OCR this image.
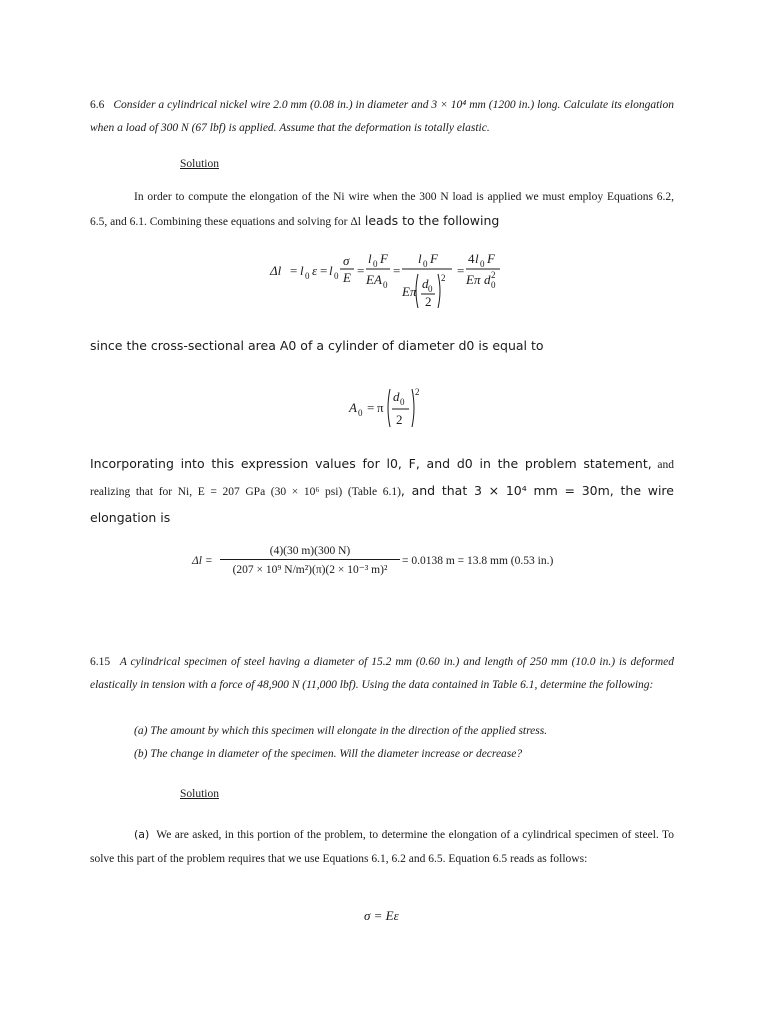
6.6 Consider a cylindrical nickel wire 2.0 mm (0.08 in.) in diameter and 3 × 10⁴ mm (1200 in.) long. Calculate its elongation when a load of 300 N (67 lbf) is applied. Assume that the deformation is totally elastic.
Solution
In order to compute the elongation of the Ni wire when the 300 N load is applied we must employ Equations 6.2, 6.5, and 6.1. Combining these equations and solving for Δl leads to the following
Δl = l 0 ε = l 0
σ
E =
l 0 F
E A 0
=
l 0 F
Eπ
d 0
2
2 =
4 l 0 F
Eπ d 0
2
since the cross-sectional area A0 of a cylinder of diameter d0 is equal to
A 0 = π
d 0
2
2
Incorporating into this expression values for l0, F, and d0 in the problem statement, and realizing that for Ni, E = 207 GPa (30 × 10⁶ psi) (Table 6.1), and that 3 × 10⁴ mm = 30m, the wire elongation is
$\Delta l = \frac{(4)(30 m)(300 N)}{\text{(207 × 10⁹ N/m²)(π)(2 × 10⁻³ m)²}} = 0.0138$ m = 13.8 mm (0.53 in.)
6.15 A cylindrical specimen of steel having a diameter of 15.2 mm (0.60 in.) and length of 250 mm (10.0 in.) is deformed elastically in tension with a force of 48,900 N (11,000 lbf). Using the data contained in Table 6.1, determine the following:
(a) The amount by which this specimen will elongate in the direction of the applied stress.
(b) The change in diameter of the specimen. Will the diameter increase or decrease?
Solution
(a) We are asked, in this portion of the problem, to determine the elongation of a cylindrical specimen of steel. To solve this part of the problem requires that we use Equations 6.1, 6.2 and 6.5. Equation 6.5 reads as follows:
σ = Eε
